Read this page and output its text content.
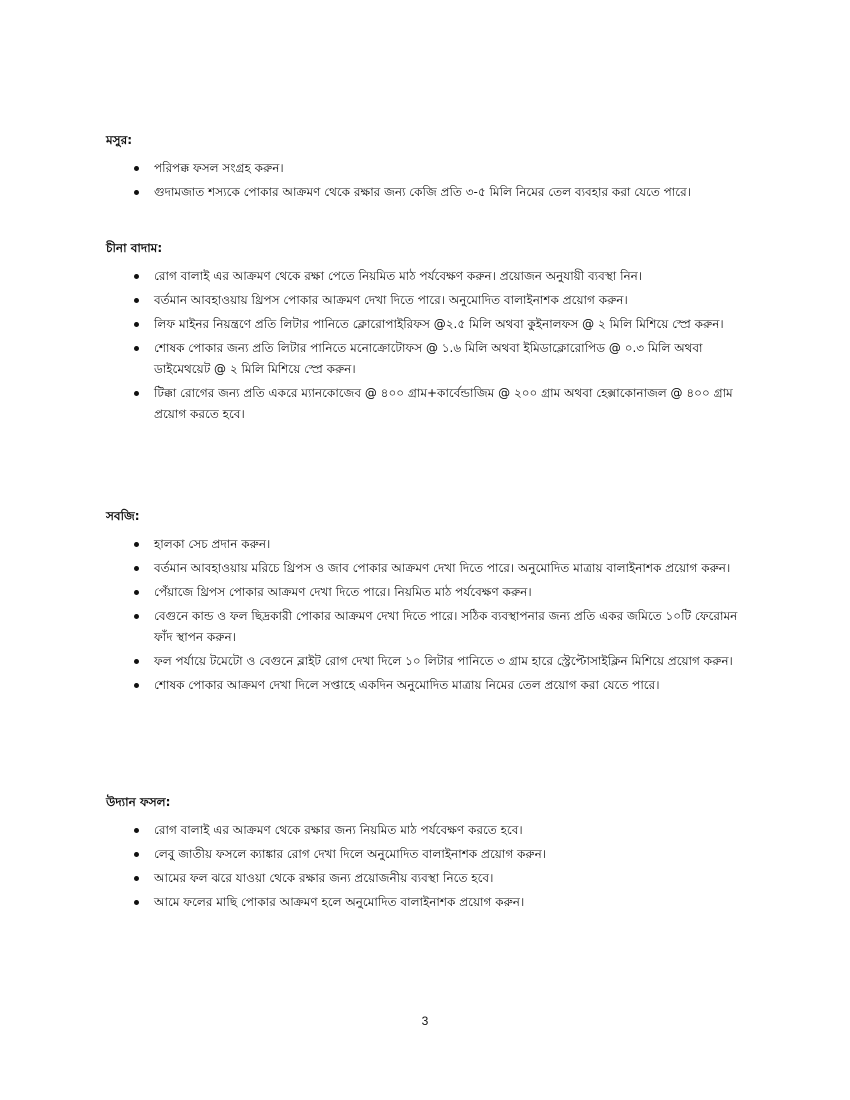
মসুর:
পরিপক্ক ফসল সংগ্রহ করুন।
গুদামজাত শস্যকে পোকার আক্রমণ থেকে রক্ষার জন্য কেজি প্রতি ৩-৫ মিলি নিমের তেল ব্যবহার করা যেতে পারে।
চীনা বাদাম:
রোগ বালাই এর আক্রমণ থেকে রক্ষা পেতে নিয়মিত মাঠ পর্যবেক্ষণ করুন। প্রয়োজন অনুযায়ী ব্যবস্থা নিন।
বর্তমান আবহাওয়ায় থ্রিপস পোকার আক্রমণ দেখা দিতে পারে। অনুমোদিত বালাইনাশক প্রয়োগ করুন।
লিফ মাইনর নিয়ন্ত্রণে প্রতি লিটার পানিতে ক্লোরোপাইরিফস @২.৫ মিলি অথবা কুইনালফস @ ২ মিলি মিশিয়ে স্প্রে করুন।
শোষক পোকার জন্য প্রতি লিটার পানিতে মনোক্রোটোফস @ ১.৬ মিলি অথবা ইমিডাক্লোরোপিড @ ০.৩ মিলি অথবা ডাইমেথয়েট @ ২ মিলি মিশিয়ে স্প্রে করুন।
টিক্কা রোগের জন্য প্রতি একরে ম্যানকোজেব @ ৪০০ গ্রাম+কার্বেন্ডাজিম @ ২০০ গ্রাম অথবা হেক্সাকোনাজল @ ৪০০ গ্রাম প্রয়োগ করতে হবে।
সবজি:
হালকা সেচ প্রদান করুন।
বর্তমান আবহাওয়ায় মরিচে থ্রিপস ও জাব পোকার আক্রমণ দেখা দিতে পারে। অনুমোদিত মাত্রায় বালাইনাশক প্রয়োগ করুন।
পেঁয়াজে থ্রিপস পোকার আক্রমণ দেখা দিতে পারে। নিয়মিত মাঠ পর্যবেক্ষণ করুন।
বেগুনে কান্ড ও ফল ছিদ্রকারী পোকার আক্রমণ দেখা দিতে পারে। সঠিক ব্যবস্থাপনার জন্য প্রতি একর জমিতে ১০টি ফেরোমন ফাঁদ স্থাপন করুন।
ফল পর্যায়ে টমেটো ও বেগুনে ব্লাইট রোগ দেখা দিলে ১০ লিটার পানিতে ৩ গ্রাম হারে স্ট্রেপ্টোসাইক্লিন মিশিয়ে প্রয়োগ করুন।
শোষক পোকার আক্রমণ দেখা দিলে সপ্তাহে একদিন অনুমোদিত মাত্রায় নিমের তেল প্রয়োগ করা যেতে পারে।
উদ্যান ফসল:
রোগ বালাই এর আক্রমণ থেকে রক্ষার জন্য নিয়মিত মাঠ পর্যবেক্ষণ করতে হবে।
লেবু জাতীয় ফসলে ক্যাঙ্কার রোগ দেখা দিলে অনুমোদিত বালাইনাশক প্রয়োগ করুন।
আমের ফল ঝরে যাওয়া থেকে রক্ষার জন্য প্রয়োজনীয় ব্যবস্থা নিতে হবে।
আমে ফলের মাছি পোকার আক্রমণ হলে অনুমোদিত বালাইনাশক প্রয়োগ করুন।
3
